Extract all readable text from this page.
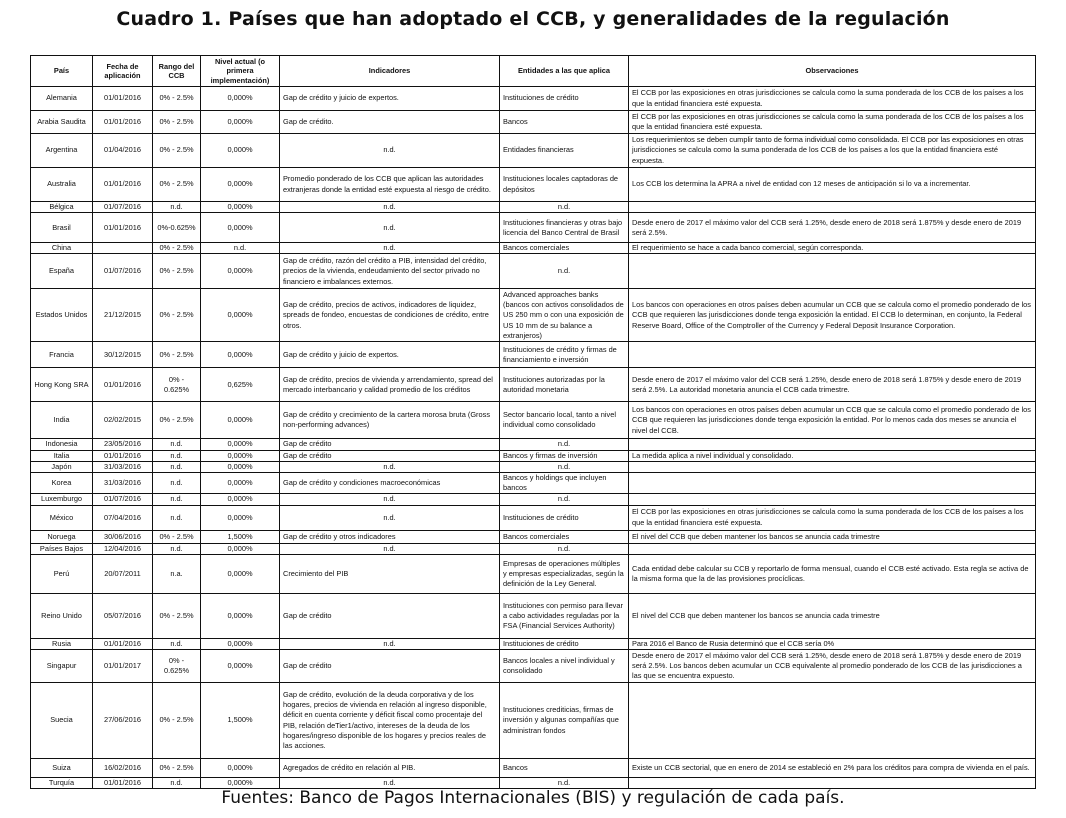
Cuadro 1. Países que han adoptado el CCB, y generalidades de la regulación
País	Fecha de aplicación	Rango del CCB	Nivel actual (o primera implementación)	Indicadores	Entidades a las que aplica	Observaciones
Alemania	01/01/2016	0% - 2.5%	0,000%	Gap de crédito y juicio de expertos.	Instituciones de crédito	El CCB por las exposiciones en otras jurisdicciones se calcula como la suma ponderada de los CCB de los países a los que la entidad financiera esté expuesta.
Arabia Saudita	01/01/2016	0% - 2.5%	0,000%	Gap de crédito.	Bancos	El CCB por las exposiciones en otras jurisdicciones se calcula como la suma ponderada de los CCB de los países a los que la entidad financiera esté expuesta.
Argentina	01/04/2016	0% - 2.5%	0,000%	n.d.	Entidades financieras	Los requerimientos se deben cumplir tanto de forma individual como consolidada. El CCB por las exposiciones en otras jurisdicciones se calcula como la suma ponderada de los CCB de los países a los que la entidad financiera esté expuesta.
Australia	01/01/2016	0% - 2.5%	0,000%	Promedio ponderado de los CCB que aplican las autoridades extranjeras donde la entidad esté expuesta al riesgo de crédito.	Instituciones locales captadoras de depósitos	Los CCB los determina la APRA a nivel de entidad con 12 meses de anticipación si lo va a incrementar.
Bélgica	01/07/2016	n.d.	0,000%	n.d.	n.d.	
Brasil	01/01/2016	0%-0.625%	0,000%	n.d.	Instituciones financieras y otras bajo licencia del Banco Central de Brasil	Desde enero de 2017 el máximo valor del CCB será 1.25%, desde enero de 2018 será 1.875% y desde enero de 2019 será 2.5%.
China		0% - 2.5%	n.d.	n.d.	Bancos comerciales	El requerimiento se hace a cada banco comercial, según corresponda.
España	01/07/2016	0% - 2.5%	0,000%	Gap de crédito, razón del crédito a PIB, intensidad del crédito, precios de la vivienda, endeudamiento del sector privado no financiero e imbalances externos.	n.d.	
Estados Unidos	21/12/2015	0% - 2.5%	0,000%	Gap de crédito, precios de activos, indicadores de liquidez, spreads de fondeo, encuestas de condiciones de crédito, entre otros.	Advanced approaches banks (bancos con activos consolidados de US 250 mm o con una exposición de US 10 mm de su balance a extranjeros)	Los bancos con operaciones en otros países deben acumular un CCB que se calcula como el promedio ponderado de los CCB que requieren las jurisdicciones donde tenga exposición la entidad. El CCB lo determinan, en conjunto, la Federal Reserve Board, Office of the Comptroller of the Currency y Federal Deposit Insurance Corporation.
Francia	30/12/2015	0% - 2.5%	0,000%	Gap de crédito y juicio de expertos.	Instituciones de crédito y firmas de financiamiento e inversión	
Hong Kong SRA	01/01/2016	0% - 0.625%	0,625%	Gap de crédito, precios de vivienda y arrendamiento, spread del mercado interbancario y calidad promedio de los créditos	Instituciones autorizadas por la autoridad monetaria	Desde enero de 2017 el máximo valor del CCB será 1.25%, desde enero de 2018 será 1.875% y desde enero de 2019 será 2.5%. La autoridad monetaria anuncia el CCB cada trimestre.
India	02/02/2015	0% - 2.5%	0,000%	Gap de crédito y crecimiento de la cartera morosa bruta (Gross non-performing advances)	Sector bancario local, tanto a nivel individual como consolidado	Los bancos con operaciones en otros países deben acumular un CCB que se calcula como el promedio ponderado de los CCB que requieren las jurisdicciones donde tenga exposición la entidad. Por lo menos cada dos meses se anuncia el nivel del CCB.
Indonesia	23/05/2016	n.d.	0,000%	Gap de crédito	n.d.	
Italia	01/01/2016	n.d.	0,000%	Gap de crédito	Bancos y firmas de inversión	La medida aplica a nivel individual y consolidado.
Japón	31/03/2016	n.d.	0,000%	n.d.	n.d.	
Korea	31/03/2016	n.d.	0,000%	Gap de crédito y condiciones macroeconómicas	Bancos y holdings que incluyen bancos	
Luxemburgo	01/07/2016	n.d.	0,000%	n.d.	n.d.	
México	07/04/2016	n.d.	0,000%	n.d.	Instituciones de crédito	El CCB por las exposiciones en otras jurisdicciones se calcula como la suma ponderada de los CCB de los países a los que la entidad financiera esté expuesta.
Noruega	30/06/2016	0% - 2.5%	1,500%	Gap de crédito y otros indicadores	Bancos comerciales	El nivel del CCB que deben mantener los bancos se anuncia cada trimestre
Países Bajos	12/04/2016	n.d.	0,000%	n.d.	n.d.	
Perú	20/07/2011	n.a.	0,000%	Crecimiento del PIB	Empresas de operaciones múltiples y empresas especializadas, según la definición de la Ley General.	Cada entidad debe calcular su CCB y reportarlo de forma mensual, cuando el CCB esté activado. Esta regla se activa de la misma forma que la de las provisiones procíclicas.
Reino Unido	05/07/2016	0% - 2.5%	0,000%	Gap de crédito	Instituciones con permiso para llevar a cabo actividades reguladas por la FSA (Financial Services Authority)	El nivel del CCB que deben mantener los bancos se anuncia cada trimestre
Rusia	01/01/2016	n.d.	0,000%	n.d.	Instituciones de crédito	Para 2016 el Banco de Rusia determinó que el CCB sería 0%
Singapur	01/01/2017	0% - 0.625%	0,000%	Gap de crédito	Bancos locales a nivel individual y consolidado	Desde enero de 2017 el máximo valor del CCB será 1.25%, desde enero de 2018 será 1.875% y desde enero de 2019 será 2.5%. Los bancos deben acumular un CCB equivalente al promedio ponderado de los CCB de las jurisdicciones a las que se encuentra expuesto.
Suecia	27/06/2016	0% - 2.5%	1,500%	Gap de crédito, evolución de la deuda corporativa y de los hogares, precios de vivienda en relación al ingreso disponible, déficit en cuenta corriente y déficit fiscal como procentaje del PIB, relación deTier1/activo, intereses de la deuda de los hogares/ingreso disponible de los hogares y precios reales de las acciones.	Instituciones crediticias, firmas de inversión y algunas compañías que administran fondos	
Suiza	16/02/2016	0% - 2.5%	0,000%	Agregados de crédito en relación al PIB.	Bancos	Existe un CCB sectorial, que en enero de 2014 se estableció en 2% para los créditos para compra de vivienda en el país.
Turquía	01/01/2016	n.d.	0,000%	n.d.	n.d.	
Fuentes: Banco de Pagos Internacionales (BIS) y regulación de cada país.
